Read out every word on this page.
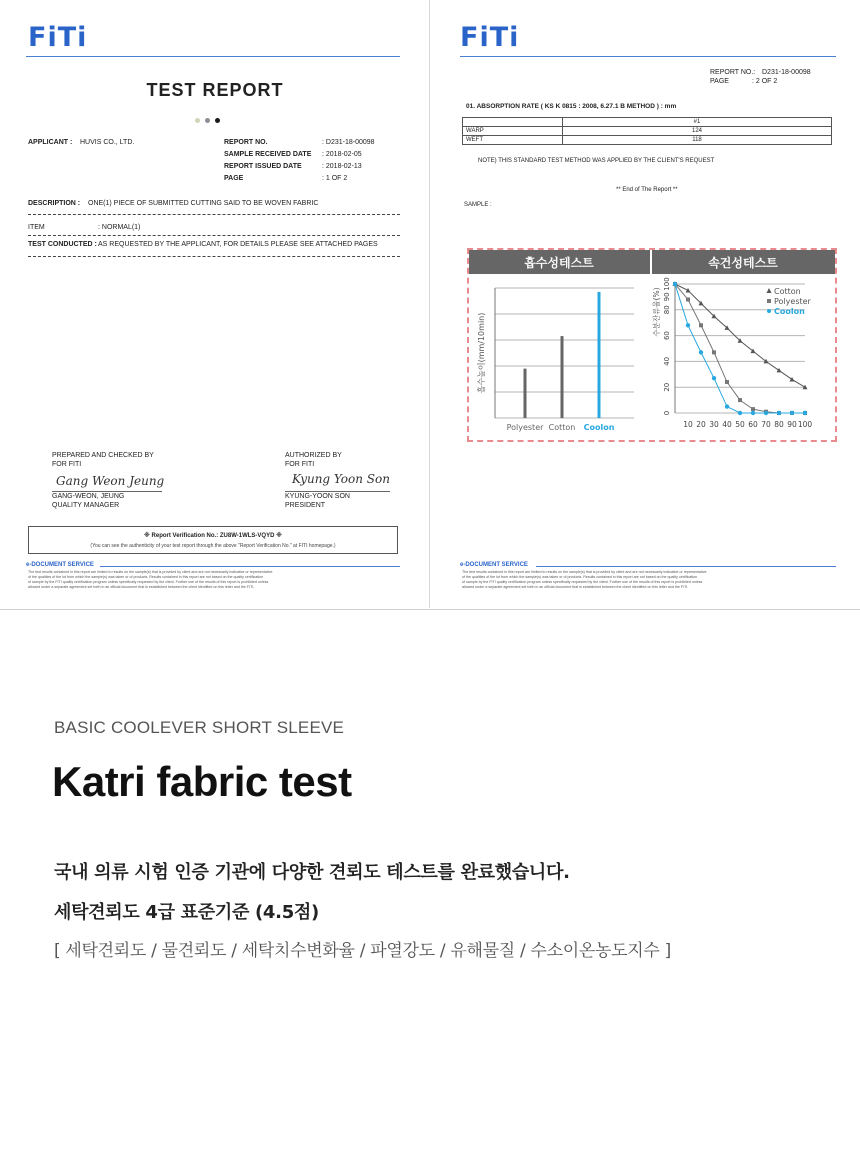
FiTi
TEST REPORT
APPLICANT : HUVIS CO., LTD.	REPORT NO.	: D231-18-00098
SAMPLE RECEIVED DATE : 2018-02-05
REPORT ISSUED DATE	: 2018-02-13
PAGE	: 1 OF 2
DESCRIPTION : ONE(1) PIECE OF SUBMITTED CUTTING SAID TO BE WOVEN FABRIC
ITEM	: NORMAL(1)
TEST CONDUCTED : AS REQUESTED BY THE APPLICANT, FOR DETAILS PLEASE SEE ATTACHED PAGES
PREPARED AND CHECKED BY
FOR FITI
Gang Weon Jeung
GANG-WEON, JEUNG
QUALITY MANAGER
AUTHORIZED BY
FOR FITI
Kyung Yoon Son
KYUNG-YOON SON
PRESIDENT
※ Report Verification No.: ZU8W-1WLS-VQYD ※
(You can see the authenticity of your test report through the above "Report Verification No." at FITI homepage.)
e-DOCUMENT SERVICE
The test results contained in this report are limited to results on the sample(s) that is provided by client and are not necessarily indicative or representative
of the qualities of the lot from which the sample(s) was taken or of products. Results contained in this report are not based on the quality certification
of sample by the FITI quality certification program unless specifically requested by the client. Further use of the results of this report is prohibited unless
allowed under a separate agreement set forth in an official document that is established between the client identified on this letter and the FITI.
FiTi
REPORT NO.: D231-18-00098
PAGE	: 2 OF 2
01. ABSORPTION RATE ( KS K 0815 : 2008, 6.27.1 B METHOD ) : mm
	#1
WARP	124
WEFT	118
NOTE) THIS STANDARD TEST METHOD WAS APPLIED BY THE CLIENT'S REQUEST
** End of The Report **
SAMPLE :
흡수성테스트	속건성테스트
흡수높이(mm/10min)
Polyester Cotton Coolon
0
20
40
60
80
90
100
수분잔류율(%)
10 20 30 40 50 60 70 80 90 100
Cotton
Polyester
Coolon
e-DOCUMENT SERVICE
The test results contained in this report are limited to results on the sample(s) that is provided by client and are not necessarily indicative or representative
of the qualities of the lot from which the sample(s) was taken or of products. Results contained in this report are not based on the quality certification
of sample by the FITI quality certification program unless specifically requested by the client. Further use of the results of this report is prohibited unless
allowed under a separate agreement set forth in an official document that is established between the client identified on this letter and the FITI.
BASIC COOLEVER SHORT SLEEVE
Katri fabric test
국내 의류 시험 인증 기관에 다양한 견뢰도 테스트를 완료했습니다.
세탁견뢰도 4급 표준기준 (4.5점)
[ 세탁견뢰도 / 물견뢰도 / 세탁치수변화율 / 파열강도 / 유해물질 / 수소이온농도지수 ]
